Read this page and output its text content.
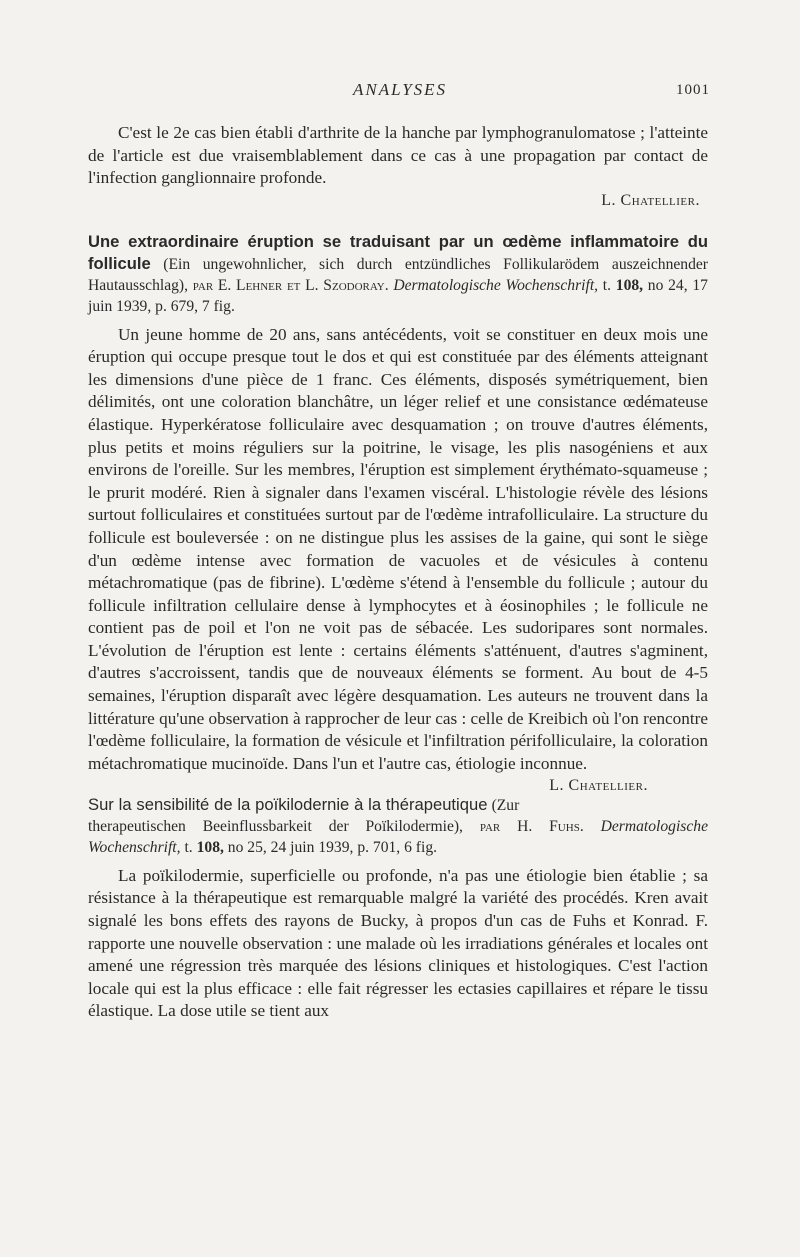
ANALYSES	1001

C'est le 2e cas bien établi d'arthrite de la hanche par lymphogranulomatose ; l'atteinte de l'article est due vraisemblablement dans ce cas à une propagation par contact de l'infection ganglionnaire profonde.

L. Chatellier.

Une extraordinaire éruption se traduisant par un œdème inflammatoire du follicule (Ein ungewohnlicher, sich durch entzündliches Follikularödem auszeichnender Hautausschlag), par E. Lehner et L. Szodoray. Dermatologische Wochenschrift, t. 108, no 24, 17 juin 1939, p. 679, 7 fig.

Un jeune homme de 20 ans, sans antécédents, voit se constituer en deux mois une éruption qui occupe presque tout le dos et qui est constituée par des éléments atteignant les dimensions d'une pièce de 1 franc. Ces éléments, disposés symétriquement, bien délimités, ont une coloration blanchâtre, un léger relief et une consistance œdémateuse élastique. Hyperkératose folliculaire avec desquamation ; on trouve d'autres éléments, plus petits et moins réguliers sur la poitrine, le visage, les plis nasogéniens et aux environs de l'oreille. Sur les membres, l'éruption est simplement érythémato-squameuse ; le prurit modéré. Rien à signaler dans l'examen viscéral. L'histologie révèle des lésions surtout folliculaires et constituées surtout par de l'œdème intrafolliculaire. La structure du follicule est bouleversée : on ne distingue plus les assises de la gaine, qui sont le siège d'un œdème intense avec formation de vacuoles et de vésicules à contenu métachromatique (pas de fibrine). L'œdème s'étend à l'ensemble du follicule ; autour du follicule infiltration cellulaire dense à lymphocytes et à éosinophiles ; le follicule ne contient pas de poil et l'on ne voit pas de sébacée. Les sudoripares sont normales. L'évolution de l'éruption est lente : certains éléments s'atténuent, d'autres s'agminent, d'autres s'accroissent, tandis que de nouveaux éléments se forment. Au bout de 4-5 semaines, l'éruption disparaît avec légère desquamation. Les auteurs ne trouvent dans la littérature qu'une observation à rapprocher de leur cas : celle de Kreibich où l'on rencontre l'œdème folliculaire, la formation de vésicule et l'infiltration périfolliculaire, la coloration métachromatique mucinoïde. Dans l'un et l'autre cas, étiologie inconnue.
L. Chatellier.

Sur la sensibilité de la poïkilodernie à la thérapeutique (Zur therapeutischen Beeinflussbarkeit der Poïkilodermie), par H. Fuhs. Dermatologische Wochenschrift, t. 108, no 25, 24 juin 1939, p. 701, 6 fig.

La poïkilodermie, superficielle ou profonde, n'a pas une étiologie bien établie ; sa résistance à la thérapeutique est remarquable malgré la variété des procédés. Kren avait signalé les bons effets des rayons de Bucky, à propos d'un cas de Fuhs et Konrad. F. rapporte une nouvelle observation : une malade où les irradiations générales et locales ont amené une régression très marquée des lésions cliniques et histologiques. C'est l'action locale qui est la plus efficace : elle fait régresser les ectasies capillaires et répare le tissu élastique. La dose utile se tient aux
